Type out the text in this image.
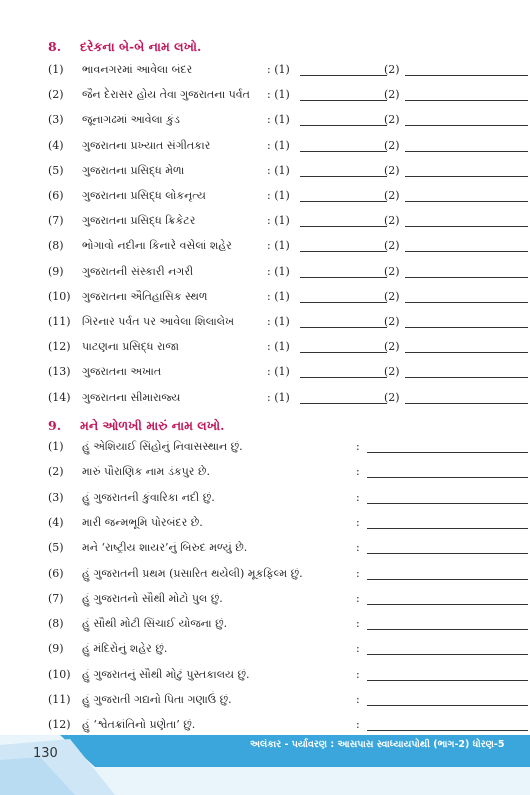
8. દરેકના બે-બે નામ લખો.
(1) ભાવનગરમાં આવેલા બંદર	: (1)	(2)
(2) જૈન દેરાસર હોય તેવા ગુજરાતના પર્વત : (1)	(2)
(3) જૂનાગઢમાં આવેલા કુંડ	: (1)	(2)
(4) ગુજરાતના પ્રખ્યાત સંગીતકાર	: (1)	(2)
(5) ગુજરાતના પ્રસિદ્ધ મેળા	: (1)	(2)
(6) ગુજરાતના પ્રસિદ્ધ લોકનૃત્ય	: (1)	(2)
(7) ગુજરાતના પ્રસિદ્ધ ક્રિકેટર	: (1)	(2)
(8) ભોગાવો નદીના કિનારે વસેલાં શહેર	: (1)	(2)
(9) ગુજરાતની સંસ્કારી નગરી	: (1)	(2)
(10) ગુજરાતના ઐતિહાસિક સ્થળ	: (1)	(2)
(11) ગિરનાર પર્વત પર આવેલા શિલાલેખ	: (1)	(2)
(12) પાટણના પ્રસિદ્ધ રાજા	: (1)	(2)
(13) ગુજરાતના અખાત	: (1)	(2)
(14) ગુજરાતના સીમારાજ્ય	: (1)	(2)
9. મને ઓળખી મારું નામ લખો.
(1) હું એશિયાઈ સિંહોનું નિવાસસ્થાન છું.	:
(2) મારું પૌરાણિક નામ ડંકપુર છે.	:
(3) હું ગુજરાતની કુંવારિકા નદી છું.	:
(4) મારી જન્મભૂમિ પોરબંદર છે.	:
(5) મને ‘રાષ્ટ્રીય શાયર’નું બિરુદ મળ્યું છે.	:
(6) હું ગુજરાતની પ્રથમ (પ્રસારિત થયેલી) મૂકફિલ્મ છું.	:
(7) હું ગુજરાતનો સૌથી મોટો પુલ છું.	:
(8) હું સૌથી મોટી સિંચાઈ યોજના છું.	:
(9) હું મંદિરોનું શહેર છું.	:
(10) હું ગુજરાતનું સૌથી મોટું પુસ્તકાલય છું.	:
(11) હું ગુજરાતી ગદ્યનો પિતા ગણાઉં છું.	:
(12) હું ‘શ્વેતક્રાંતિનો પ્રણેતા’ છું.	:
130
અલંકાર - પર્યાવરણ : આસપાસ સ્વાધ્યાયપોથી (ભાગ-2) ધોરણ-5
